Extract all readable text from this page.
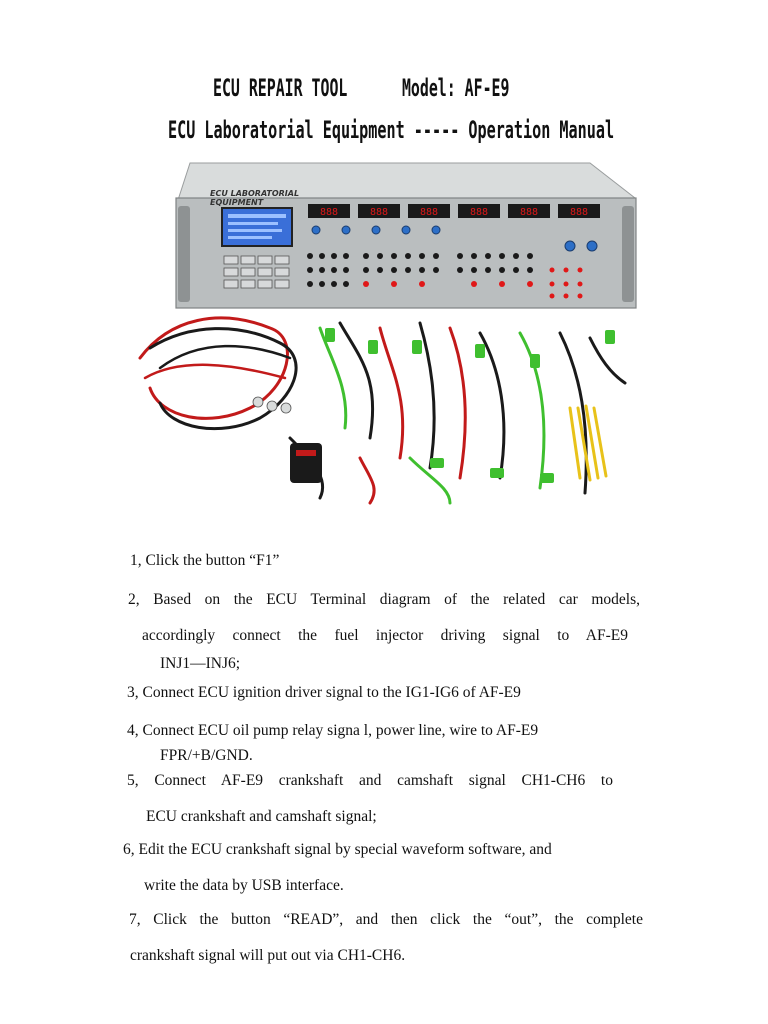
ECU REPAIR TOOL Model: AF-E9
ECU Laboratorial Equipment ----- Operation Manual
ECU LABORATORIAL
EQUIPMENT
888	888	888	888	888	888
1, Click the button “F1”
2, Based on the ECU Terminal diagram of the related car models,
accordingly connect the fuel injector driving signal to AF-E9
INJ1—INJ6;
3, Connect ECU ignition driver signal to the IG1-IG6 of AF-E9
4, Connect ECU oil pump relay signa l, power line, wire to AF-E9
FPR/+B/GND.
5, Connect AF-E9 crankshaft and camshaft signal CH1-CH6 to
ECU crankshaft and camshaft signal;
6, Edit the ECU crankshaft signal by special waveform software, and
write the data by USB interface.
7, Click the button “READ”, and then click the “out”, the complete
crankshaft signal will put out via CH1-CH6.
